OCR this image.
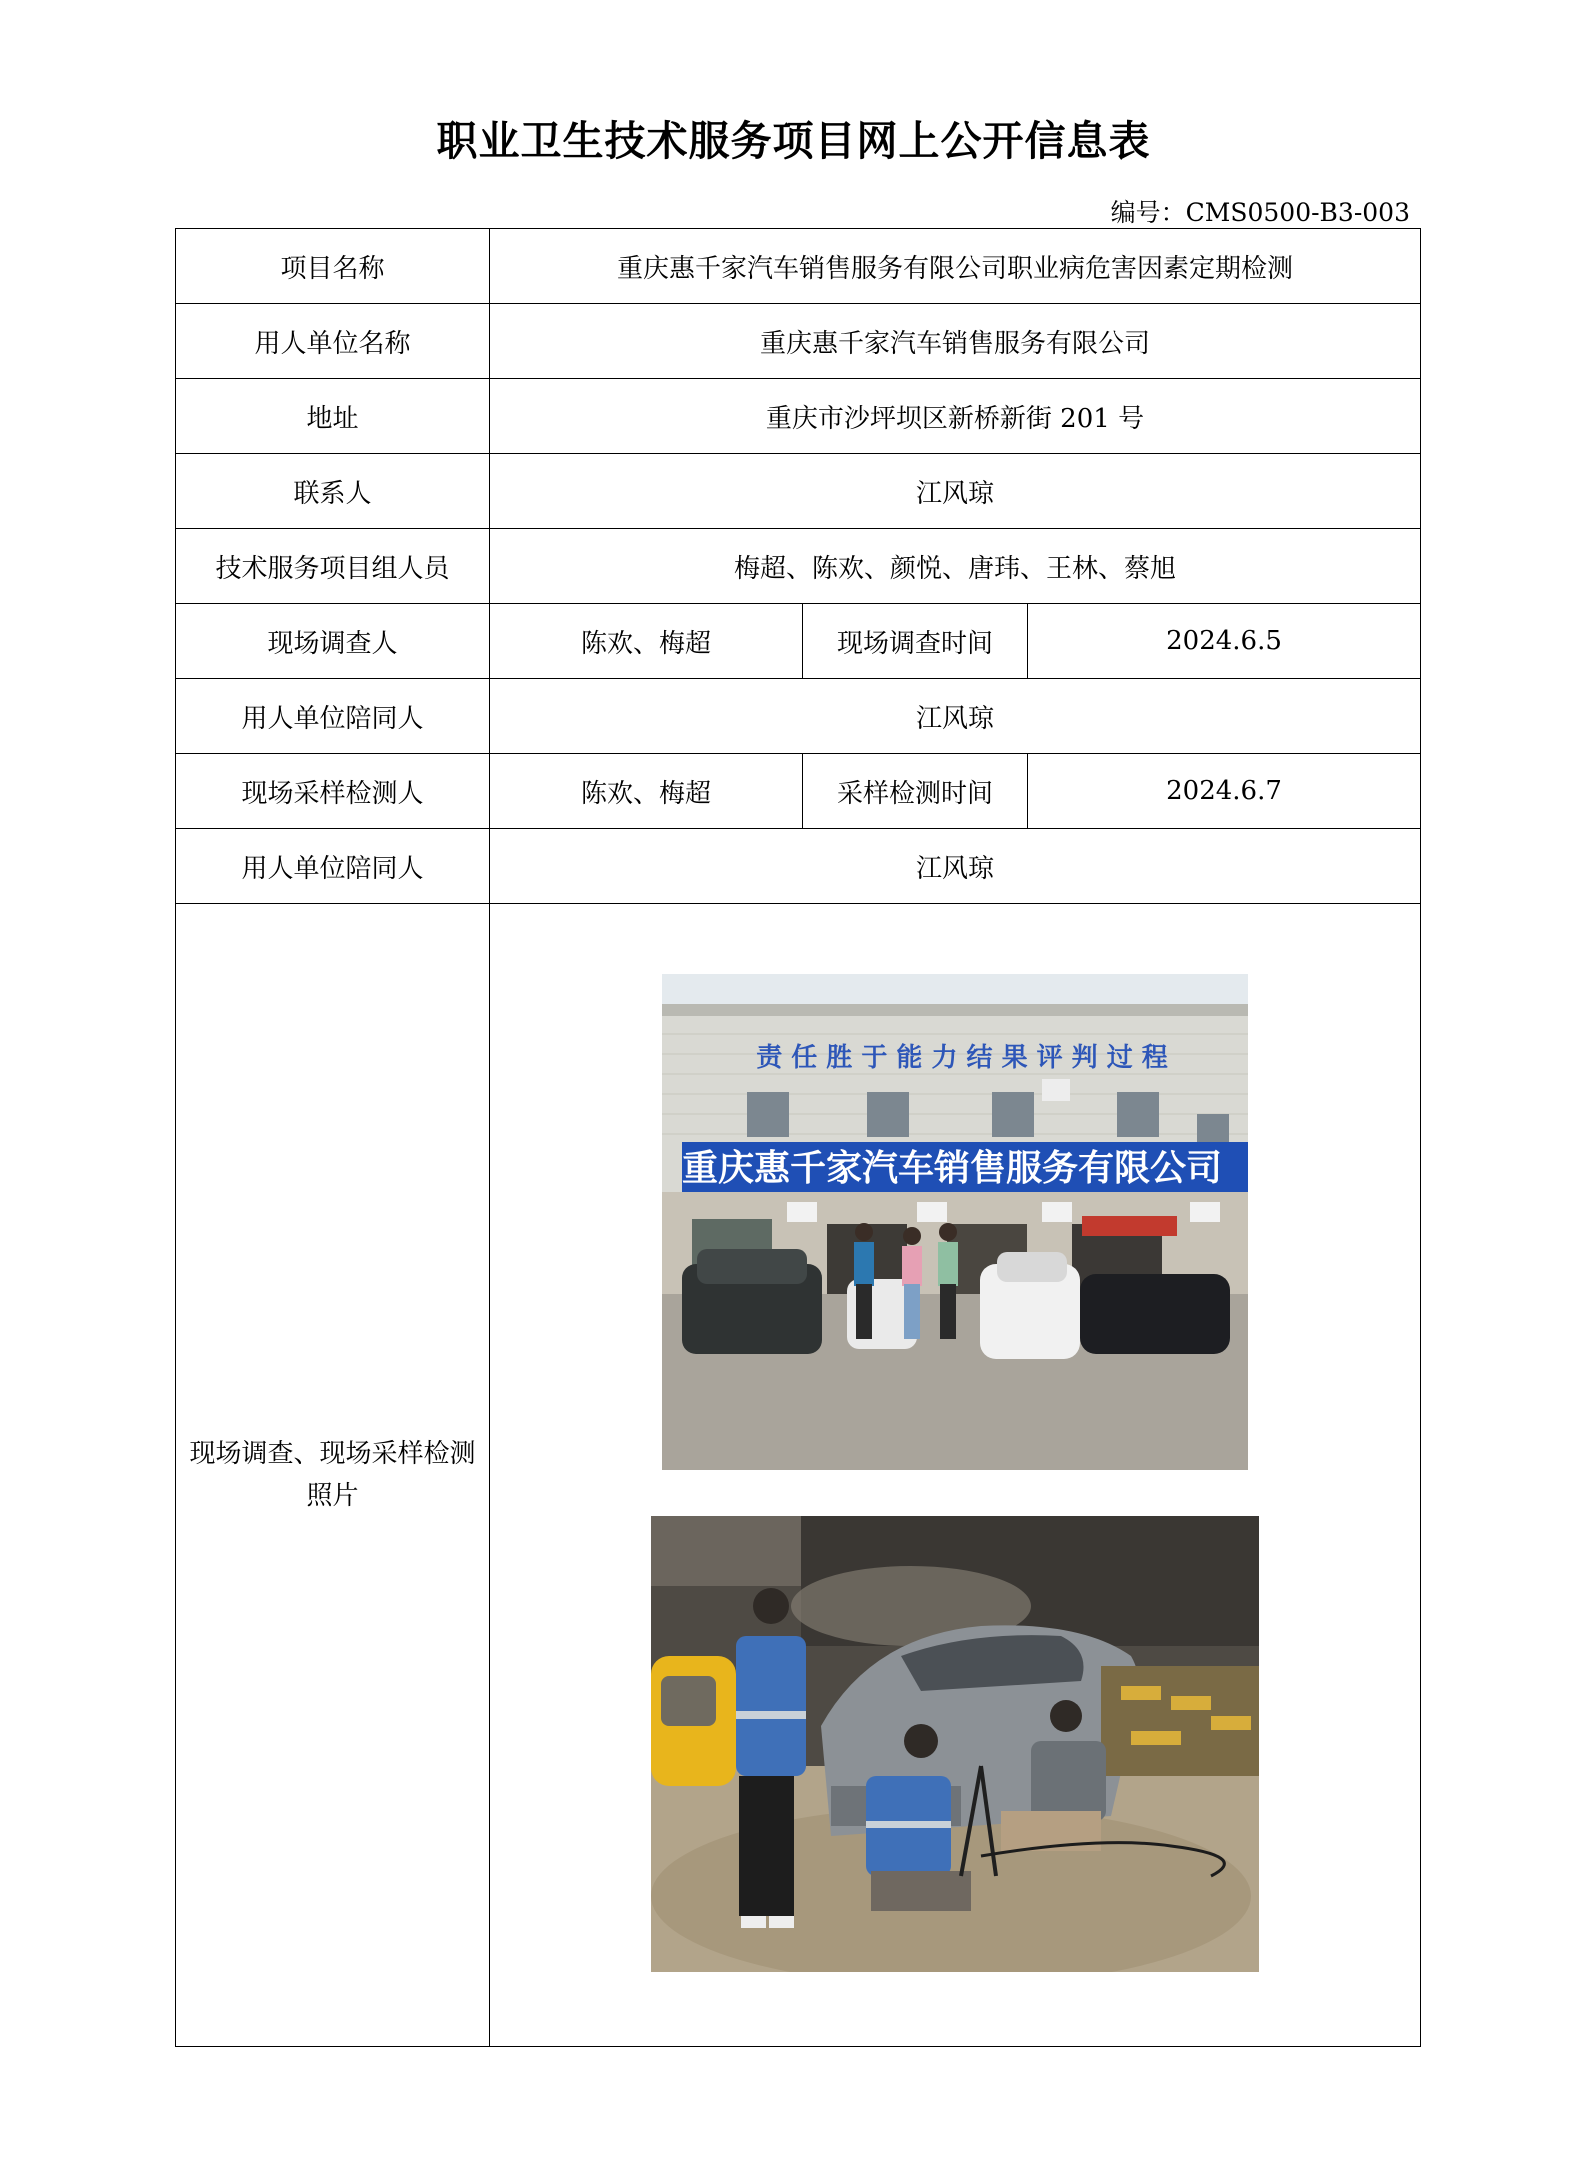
职业卫生技术服务项目网上公开信息表
编号：CMS0500-B3-003
项目名称	重庆惠千家汽车销售服务有限公司职业病危害因素定期检测		
用人单位名称	重庆惠千家汽车销售服务有限公司		
地址	重庆市沙坪坝区新桥新街 201 号		
联系人	江风琼		
技术服务项目组人员	梅超、陈欢、颜悦、唐玮、王林、蔡旭		
现场调查人	陈欢、梅超	现场调查时间	2024.6.5
用人单位陪同人	江风琼		
现场采样检测人	陈欢、梅超	采样检测时间	2024.6.7
用人单位陪同人	江风琼		
现场调查、现场采样检测照片	责 任 胜 于 能 力 结 果 评 判 过 程
重庆惠千家汽车销售服务有限公司		
